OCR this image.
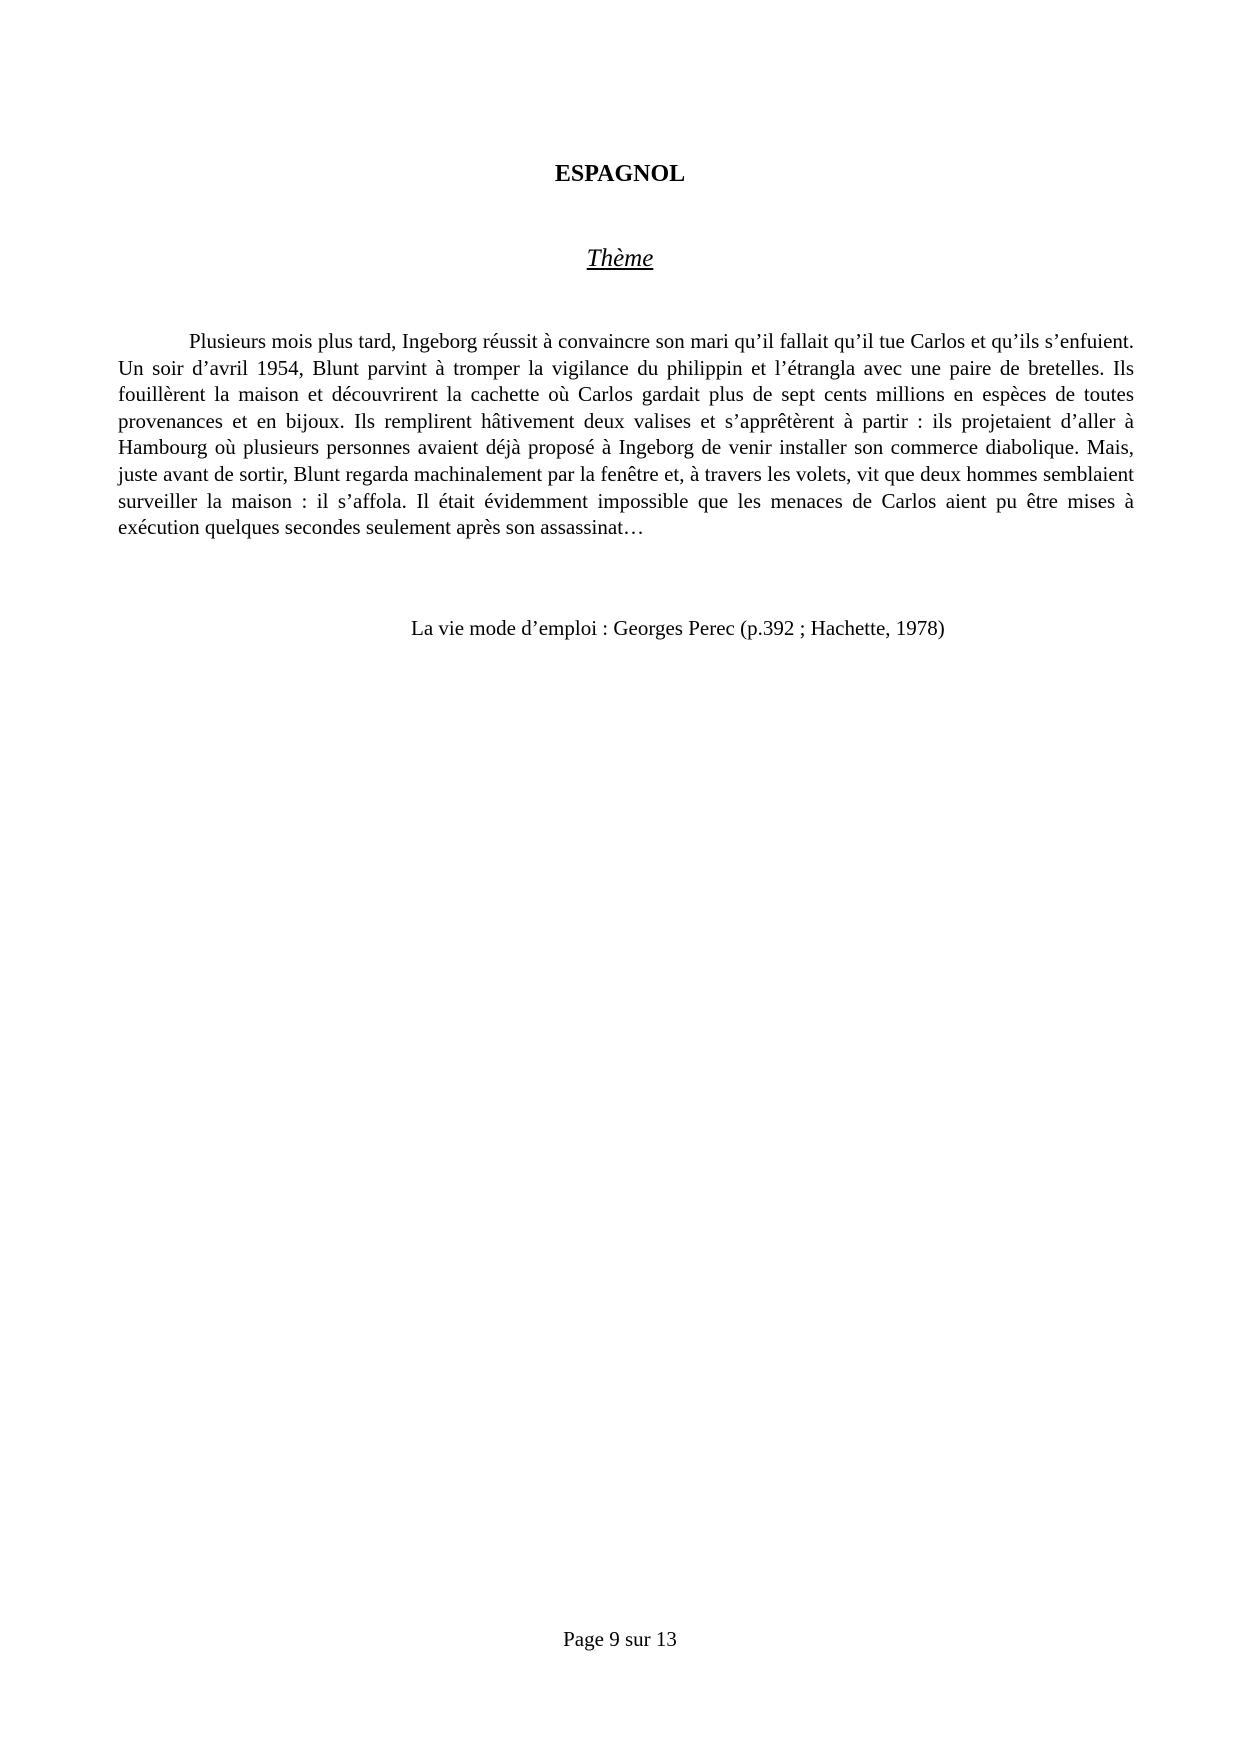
ESPAGNOL
Thème

Plusieurs mois plus tard, Ingeborg réussit à convaincre son mari qu’il fallait qu’il tue Carlos et qu’ils s’enfuient. Un soir d’avril 1954, Blunt parvint à tromper la vigilance du philippin et l’étrangla avec une paire de bretelles. Ils fouillèrent la maison et découvrirent la cachette où Carlos gardait plus de sept cents millions en espèces de toutes provenances et en bijoux. Ils remplirent hâtivement deux valises et s’apprêtèrent à partir : ils projetaient d’aller à Hambourg où plusieurs personnes avaient déjà proposé à Ingeborg de venir installer son commerce diabolique. Mais, juste avant de sortir, Blunt regarda machinalement par la fenêtre et, à travers les volets, vit que deux hommes semblaient surveiller la maison : il s’affola. Il était évidemment impossible que les menaces de Carlos aient pu être mises à exécution quelques secondes seulement après son assassinat…

La vie mode d’emploi : Georges Perec (p.392 ; Hachette, 1978)
Page 9 sur 13
